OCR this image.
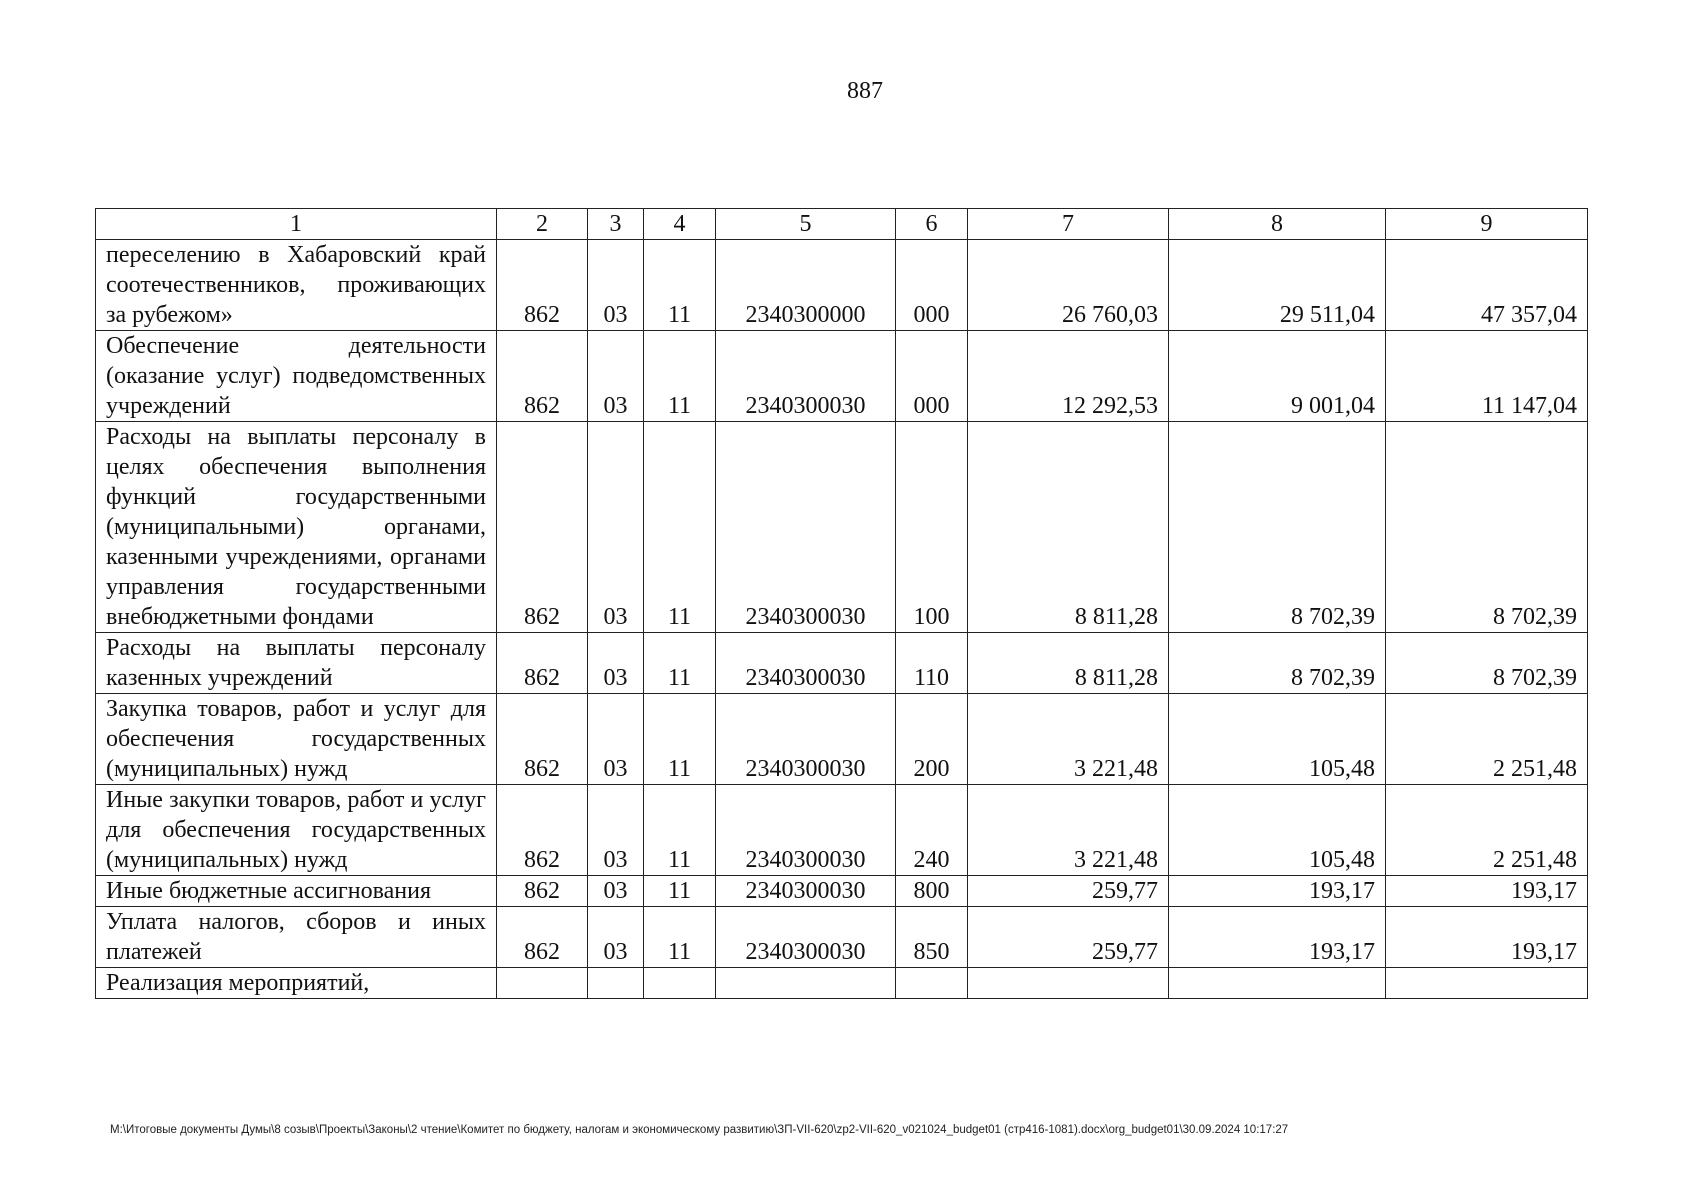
887
1	2	3	4	5	6	7	8	9
переселению в Хабаровский край соотечественников, проживающих за рубежом»	862	03	11	2340300000	000	26 760,03	29 511,04	47 357,04
Обеспечение деятельности (оказание услуг) подведомственных учреждений	862	03	11	2340300030	000	12 292,53	9 001,04	11 147,04
Расходы на выплаты персоналу в целях обеспечения выполнения функций государственными (муниципальными) органами, казенными учреждениями, органами управления государственными внебюджетными фондами	862	03	11	2340300030	100	8 811,28	8 702,39	8 702,39
Расходы на выплаты персоналу казенных учреждений	862	03	11	2340300030	110	8 811,28	8 702,39	8 702,39
Закупка товаров, работ и услуг для обеспечения государственных (муниципальных) нужд	862	03	11	2340300030	200	3 221,48	105,48	2 251,48
Иные закупки товаров, работ и услуг для обеспечения государственных (муниципальных) нужд	862	03	11	2340300030	240	3 221,48	105,48	2 251,48
Иные бюджетные ассигнования	862	03	11	2340300030	800	259,77	193,17	193,17
Уплата налогов, сборов и иных платежей	862	03	11	2340300030	850	259,77	193,17	193,17
Реализация мероприятий,								
M:\Итоговые документы Думы\8 созыв\Проекты\Законы\2 чтение\Комитет по бюджету, налогам и экономическому развитию\ЗП-VII-620\zp2-VII-620_v021024_budget01 (стр416-1081).docx\org_budget01\30.09.2024 10:17:27
